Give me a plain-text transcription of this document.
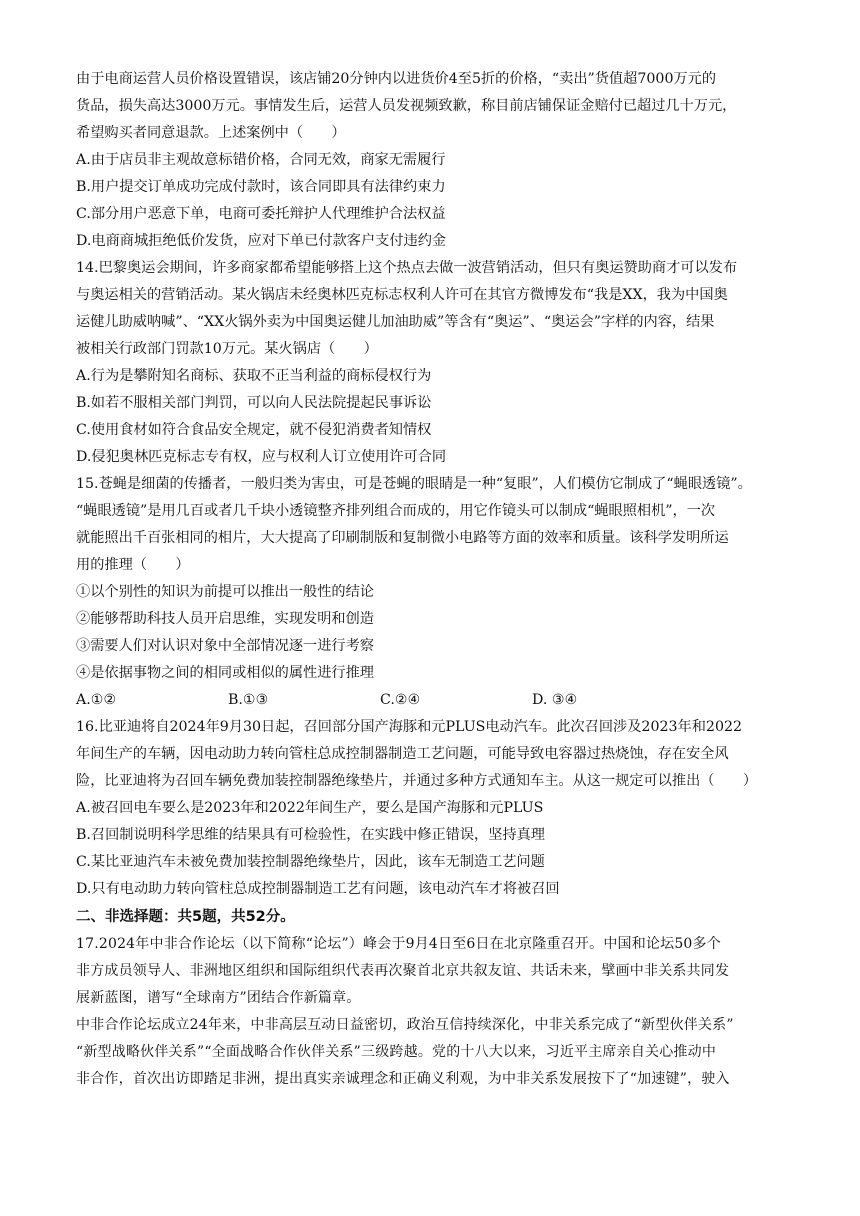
由于电商运营人员价格设置错误，该店铺20分钟内以进货价4至5折的价格，“卖出”货值超7000万元的
货品，损失高达3000万元。事情发生后，运营人员发视频致歉，称目前店铺保证金赔付已超过几十万元，
希望购买者同意退款。上述案例中（　　）

A.由于店员非主观故意标错价格，合同无效，商家无需履行

B.用户提交订单成功完成付款时，该合同即具有法律约束力

C.部分用户恶意下单，电商可委托辩护人代理维护合法权益

D.电商商城拒绝低价发货，应对下单已付款客户支付违约金

14.巴黎奥运会期间，许多商家都希望能够搭上这个热点去做一波营销活动，但只有奥运赞助商才可以发布
与奥运相关的营销活动。某火锅店未经奥林匹克标志权利人许可在其官方微博发布“我是XX，我为中国奥
运健儿助威呐喊”、“XX火锅外卖为中国奥运健儿加油助威”等含有“奥运”、“奥运会”字样的内容，结果
被相关行政部门罚款10万元。某火锅店（　　）

A.行为是攀附知名商标、获取不正当利益的商标侵权行为

B.如若不服相关部门判罚，可以向人民法院提起民事诉讼

C.使用食材如符合食品安全规定，就不侵犯消费者知情权

D.侵犯奥林匹克标志专有权，应与权利人订立使用许可合同

15.苍蝇是细菌的传播者，一般归类为害虫，可是苍蝇的眼睛是一种“复眼”，人们模仿它制成了“蝇眼透镜”。
“蝇眼透镜”是用几百或者几千块小透镜整齐排列组合而成的，用它作镜头可以制成“蝇眼照相机”，一次
就能照出千百张相同的相片，大大提高了印刷制版和复制微小电路等方面的效率和质量。该科学发明所运
用的推理（　　）

①以个别性的知识为前提可以推出一般性的结论

②能够帮助科技人员开启思维，实现发明和创造

③需要人们对认识对象中全部情况逐一进行考察

④是依据事物之间的相同或相似的属性进行推理

A.①②	B.①③	C.②④	D. ③④

16.比亚迪将自2024年9月30日起，召回部分国产海豚和元PLUS电动汽车。此次召回涉及2023年和2022
年间生产的车辆，因电动助力转向管柱总成控制器制造工艺问题，可能导致电容器过热烧蚀，存在安全风
险，比亚迪将为召回车辆免费加装控制器绝缘垫片，并通过多种方式通知车主。从这一规定可以推出（　　）

A.被召回电车要么是2023年和2022年间生产，要么是国产海豚和元PLUS

B.召回制说明科学思维的结果具有可检验性，在实践中修正错误，坚持真理

C.某比亚迪汽车未被免费加装控制器绝缘垫片，因此，该车无制造工艺问题

D.只有电动助力转向管柱总成控制器制造工艺有问题，该电动汽车才将被召回

二、非选择题：共5题，共52分。

17.2024年中非合作论坛（以下简称“论坛”）峰会于9月4日至6日在北京隆重召开。中国和论坛50多个
非方成员领导人、非洲地区组织和国际组织代表再次聚首北京共叙友谊、共话未来，擘画中非关系共同发
展新蓝图，谱写“全球南方”团结合作新篇章。

中非合作论坛成立24年来，中非高层互动日益密切，政治互信持续深化，中非关系完成了“新型伙伴关系”
“新型战略伙伴关系”“全面战略合作伙伴关系”三级跨越。党的十八大以来，习近平主席亲自关心推动中
非合作，首次出访即踏足非洲，提出真实亲诚理念和正确义利观，为中非关系发展按下了“加速键”，驶入
